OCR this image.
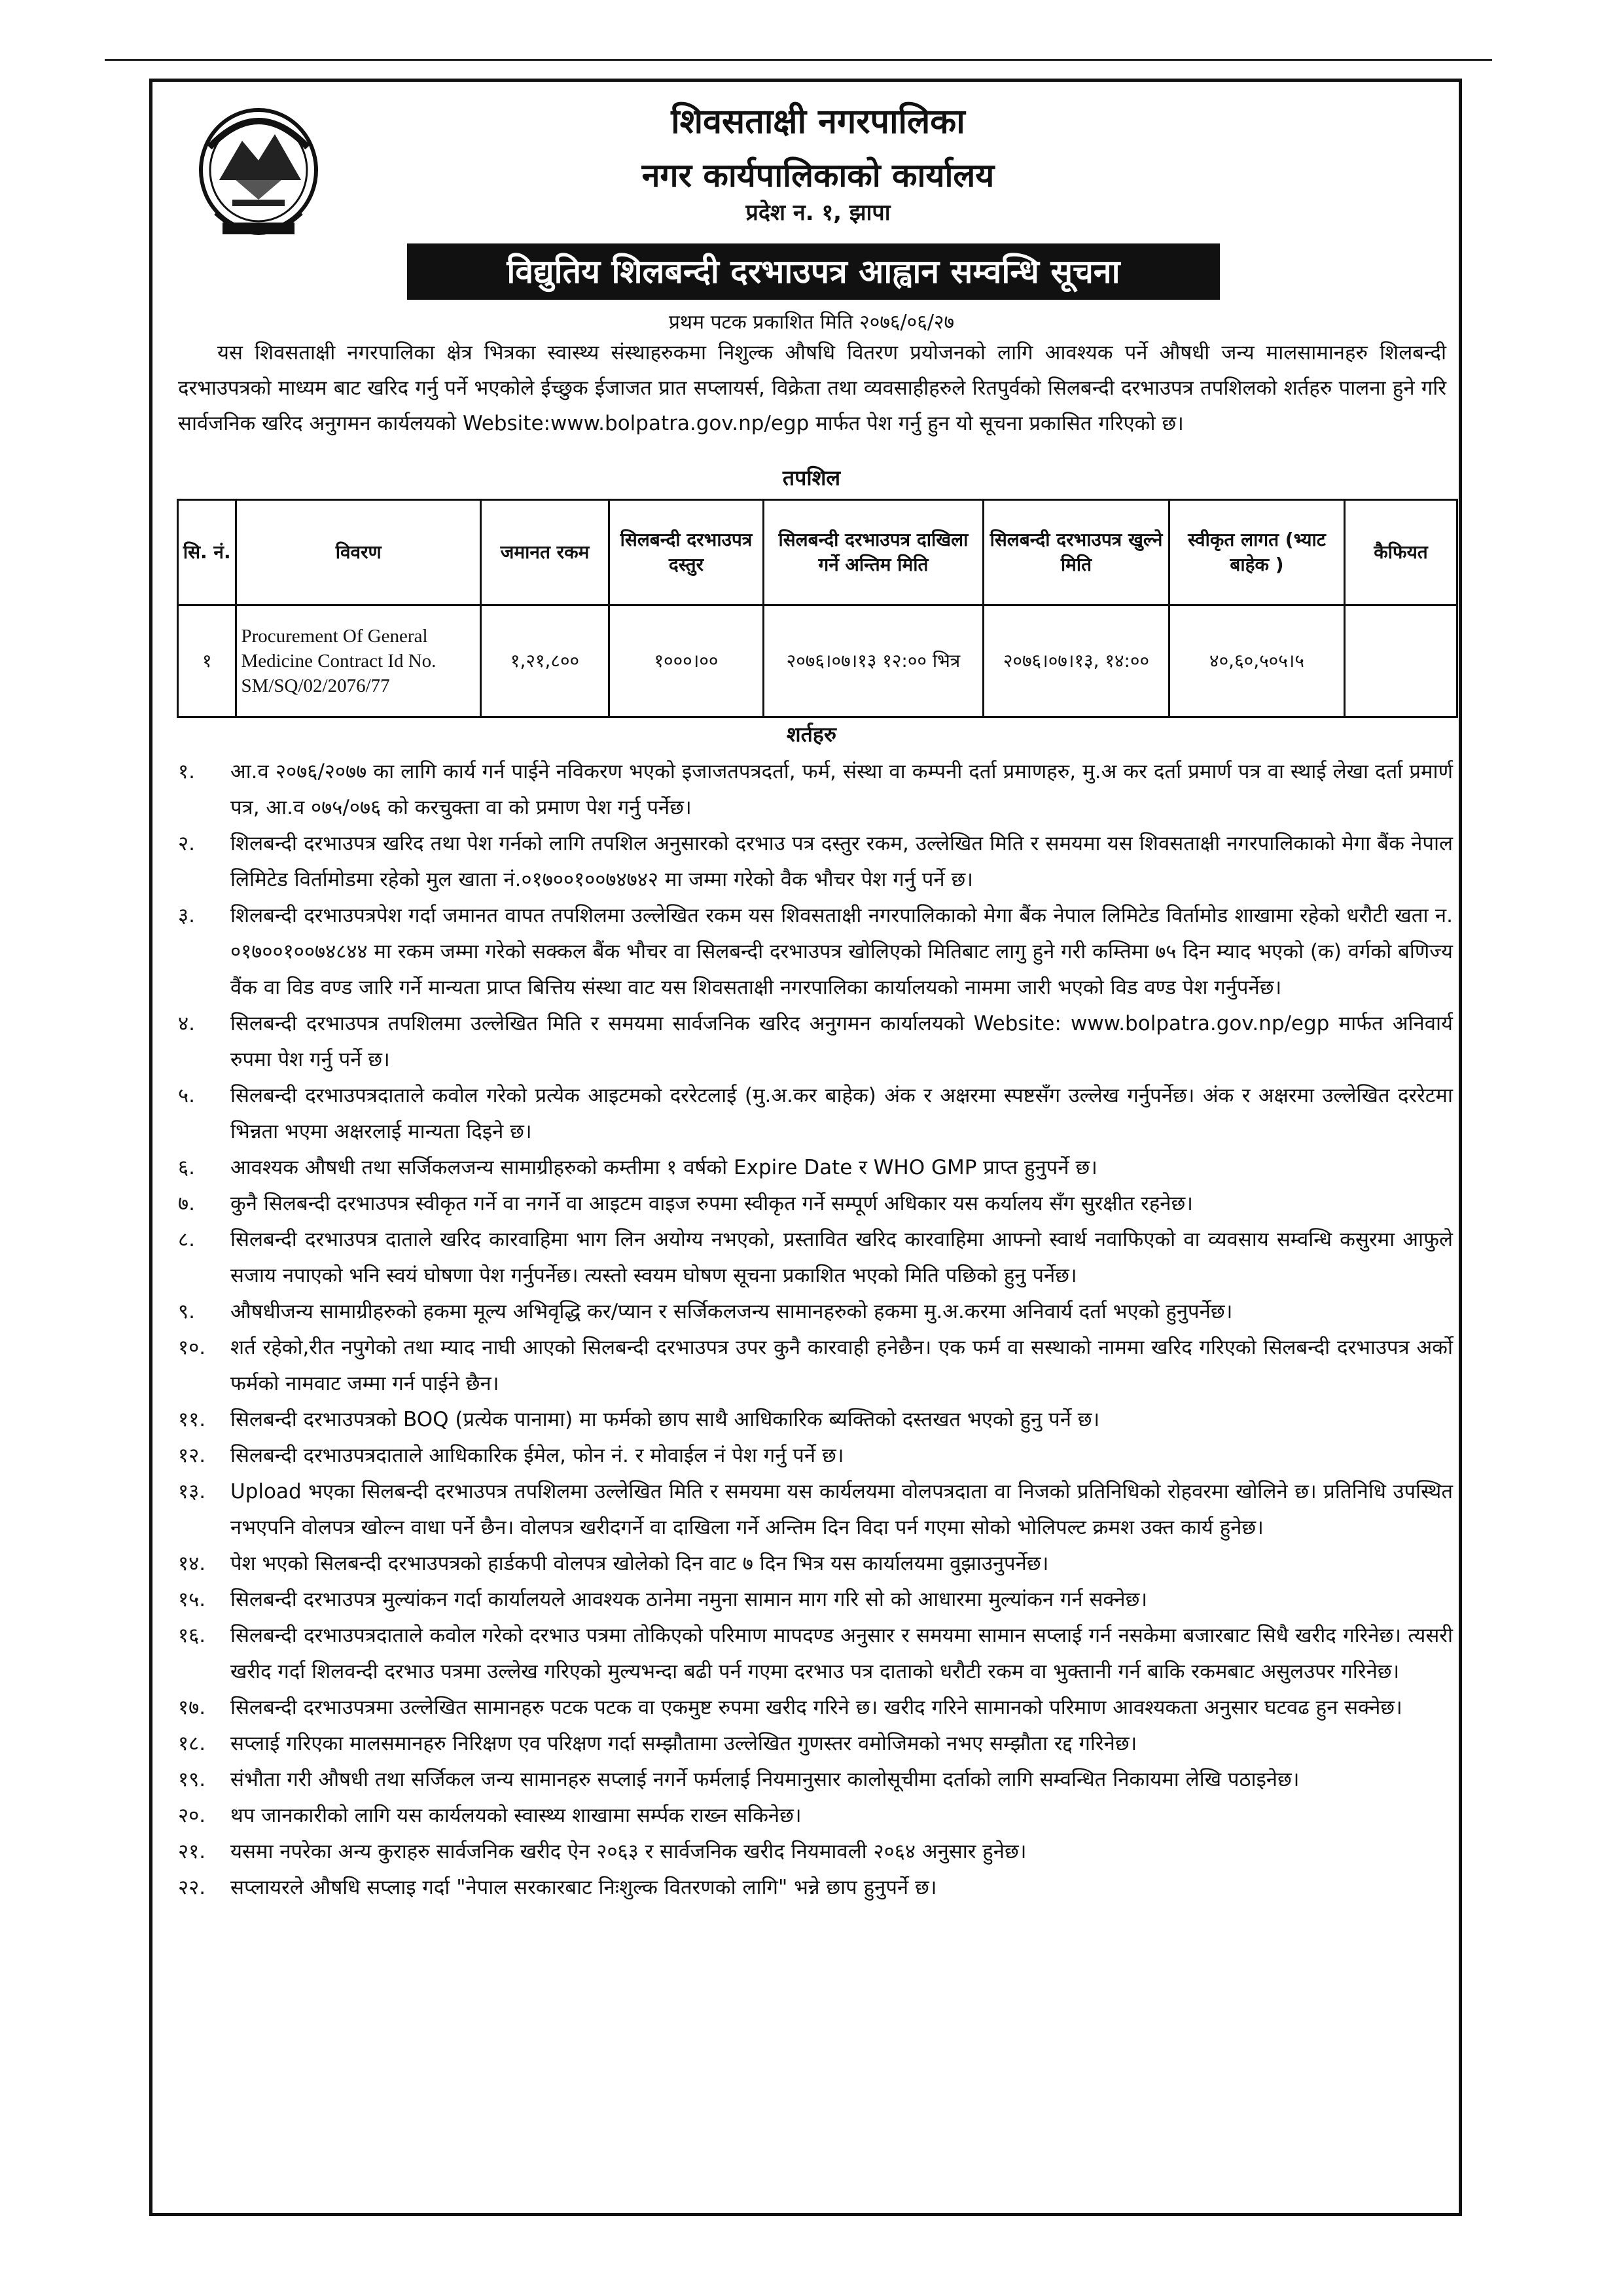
शिवसताक्षी नगरपालिका
नगर कार्यपालिकाको कार्यालय
प्रदेश न. १, झापा
विद्युतिय शिलबन्दी दरभाउपत्र आह्वान सम्वन्धि सूचना
प्रथम पटक प्रकाशित मिति २०७६/०६/२७

यस शिवसताक्षी नगरपालिका क्षेत्र भित्रका स्वास्थ्य संस्थाहरुकमा निशुल्क औषधि वितरण प्रयोजनको लागि आवश्यक पर्ने औषधी जन्य मालसामानहरु शिलबन्दी दरभाउपत्रको माध्यम बाट खरिद गर्नु पर्ने भएकोले ईच्छुक ईजाजत प्रात सप्लायर्स, विक्रेता तथा व्यवसाहीहरुले रितपुर्वको सिलबन्दी दरभाउपत्र तपशिलको शर्तहरु पालना हुने गरि सार्वजनिक खरिद अनुगमन कार्यलयको Website:www.bolpatra.gov.np/egp मार्फत पेश गर्नु हुन यो सूचना प्रकासित गरिएको छ।

तपशिल
सि. नं.	विवरण	जमानत रकम	सिलबन्दी दरभाउपत्र दस्तुर	सिलबन्दी दरभाउपत्र दाखिला गर्ने अन्तिम मिति	सिलबन्दी दरभाउपत्र खुल्ने मिति	स्वीकृत लागत (भ्याट बाहेक )	कैफियत
१	Procurement Of General Medicine Contract Id No. SM/SQ/02/2076/77	१,२१,८००	१०००।००	२०७६।०७।१३ १२:०० भित्र	२०७६।०७।१३, १४:००	४०,६०,५०५।५	
शर्तहरु
१.	आ.व २०७६/२०७७ का लागि कार्य गर्न पाईने नविकरण भएको इजाजतपत्रदर्ता, फर्म, संस्था वा कम्पनी दर्ता प्रमाणहरु, मु.अ कर दर्ता प्रमार्ण पत्र वा स्थाई लेखा दर्ता प्रमार्ण पत्र, आ.व ०७५/०७६ को करचुक्ता वा को प्रमाण पेश गर्नु पर्नेछ।
२.	शिलबन्दी दरभाउपत्र खरिद तथा पेश गर्नको लागि तपशिल अनुसारको दरभाउ पत्र दस्तुर रकम, उल्लेखित मिति र समयमा यस शिवसताक्षी नगरपालिकाको मेगा बैंक नेपाल लिमिटेड विर्तामोडमा रहेको मुल खाता नं.०१७००१००७४७४२ मा जम्मा गरेको वैक भौचर पेश गर्नु पर्ने छ।
३.	शिलबन्दी दरभाउपत्रपेश गर्दा जमानत वापत तपशिलमा उल्लेखित रकम यस शिवसताक्षी नगरपालिकाको मेगा बैंक नेपाल लिमिटेड विर्तामोड शाखामा रहेको धरौटी खता न. ०१७००१००७४८४४ मा रकम जम्मा गरेको सक्कल बैंक भौचर वा सिलबन्दी दरभाउपत्र खोलिएको मितिबाट लागु हुने गरी कम्तिमा ७५ दिन म्याद भएको (क) वर्गको बणिज्य वैंक वा विड वण्ड जारि गर्ने मान्यता प्राप्त बित्तिय संस्था वाट यस शिवसताक्षी नगरपालिका कार्यालयको नाममा जारी भएको विड वण्ड पेश गर्नुपर्नेछ।
४.	सिलबन्दी दरभाउपत्र तपशिलमा उल्लेखित मिति र समयमा सार्वजनिक खरिद अनुगमन कार्यालयको Website: www.bolpatra.gov.np/egp मार्फत अनिवार्य रुपमा पेश गर्नु पर्ने छ।
५.	सिलबन्दी दरभाउपत्रदाताले कवोल गरेको प्रत्येक आइटमको दररेटलाई (मु.अ.कर बाहेक) अंक र अक्षरमा स्पष्टसँग उल्लेख गर्नुपर्नेछ। अंक र अक्षरमा उल्लेखित दररेटमा भिन्नता भएमा अक्षरलाई मान्यता दिइने छ।
६.	आवश्यक औषधी तथा सर्जिकलजन्य सामाग्रीहरुको कम्तीमा १ वर्षको Expire Date र WHO GMP प्राप्त हुनुपर्ने छ।
७.	कुनै सिलबन्दी दरभाउपत्र स्वीकृत गर्ने वा नगर्ने वा आइटम वाइज रुपमा स्वीकृत गर्ने सम्पूर्ण अधिकार यस कर्यालय सँग सुरक्षीत रहनेछ।
८.	सिलबन्दी दरभाउपत्र दाताले खरिद कारवाहिमा भाग लिन अयोग्य नभएको, प्रस्तावित खरिद कारवाहिमा आफ्नो स्वार्थ नवाफिएको वा व्यवसाय सम्वन्धि कसुरमा आफुले सजाय नपाएको भनि स्वयं घोषणा पेश गर्नुपर्नेछ। त्यस्तो स्वयम घोषण सूचना प्रकाशित भएको मिति पछिको हुनु पर्नेछ।
९.	औषधीजन्य सामाग्रीहरुको हकमा मूल्य अभिवृद्धि कर/प्यान र सर्जिकलजन्य सामानहरुको हकमा मु.अ.करमा अनिवार्य दर्ता भएको हुनुपर्नेछ।
१०.	शर्त रहेको,रीत नपुगेको तथा म्याद नाघी आएको सिलबन्दी दरभाउपत्र उपर कुनै कारवाही हनेछैन। एक फर्म वा सस्थाको नाममा खरिद गरिएको सिलबन्दी दरभाउपत्र अर्को फर्मको नामवाट जम्मा गर्न पाईने छैन।
११.	सिलबन्दी दरभाउपत्रको BOQ (प्रत्येक पानामा) मा फर्मको छाप साथै आधिकारिक ब्यक्तिको दस्तखत भएको हुनु पर्ने छ।
१२.	सिलबन्दी दरभाउपत्रदाताले आधिकारिक ईमेल, फोन नं. र मोवाईल नं पेश गर्नु पर्ने छ।
१३.	Upload भएका सिलबन्दी दरभाउपत्र तपशिलमा उल्लेखित मिति र समयमा यस कार्यलयमा वोलपत्रदाता वा निजको प्रतिनिधिको रोहवरमा खोलिने छ। प्रतिनिधि उपस्थित नभएपनि वोलपत्र खोल्न वाधा पर्ने छैन। वोलपत्र खरीदगर्ने वा दाखिला गर्ने अन्तिम दिन विदा पर्न गएमा सोको भोलिपल्ट क्रमश उक्त कार्य हुनेछ।
१४.	पेश भएको सिलबन्दी दरभाउपत्रको हार्डकपी वोलपत्र खोलेको दिन वाट ७ दिन भित्र यस कार्यालयमा वुझाउनुपर्नेछ।
१५.	सिलबन्दी दरभाउपत्र मुल्यांकन गर्दा कार्यालयले आवश्यक ठानेमा नमुना सामान माग गरि सो को आधारमा मुल्यांकन गर्न सक्नेछ।
१६.	सिलबन्दी दरभाउपत्रदाताले कवोल गरेको दरभाउ पत्रमा तोकिएको परिमाण मापदण्ड अनुसार र समयमा सामान सप्लाई गर्न नसकेमा बजारबाट सिधै खरीद गरिनेछ। त्यसरी खरीद गर्दा शिलवन्दी दरभाउ पत्रमा उल्लेख गरिएको मुल्यभन्दा बढी पर्न गएमा दरभाउ पत्र दाताको धरौटी रकम वा भुक्तानी गर्न बाकि रकमबाट असुलउपर गरिनेछ।
१७.	सिलबन्दी दरभाउपत्रमा उल्लेखित सामानहरु पटक पटक वा एकमुष्ट रुपमा खरीद गरिने छ। खरीद गरिने सामानको परिमाण आवश्यकता अनुसार घटवढ हुन सक्नेछ।
१८.	सप्लाई गरिएका मालसमानहरु निरिक्षण एव परिक्षण गर्दा सम्झौतामा उल्लेखित गुणस्तर वमोजिमको नभए सम्झौता रद्द गरिनेछ।
१९.	संभौता गरी औषधी तथा सर्जिकल जन्य सामानहरु सप्लाई नगर्ने फर्मलाई नियमानुसार कालोसूचीमा दर्ताको लागि सम्वन्धित निकायमा लेखि पठाइनेछ।
२०.	थप जानकारीको लागि यस कार्यलयको स्वास्थ्य शाखामा सर्म्पक राख्न सकिनेछ।
२१.	यसमा नपरेका अन्य कुराहरु सार्वजनिक खरीद ऐन २०६३ र सार्वजनिक खरीद नियमावली २०६४ अनुसार हुनेछ।
२२.	सप्लायरले औषधि सप्लाइ गर्दा "नेपाल सरकारबाट निःशुल्क वितरणको लागि" भन्ने छाप हुनुपर्ने छ।
